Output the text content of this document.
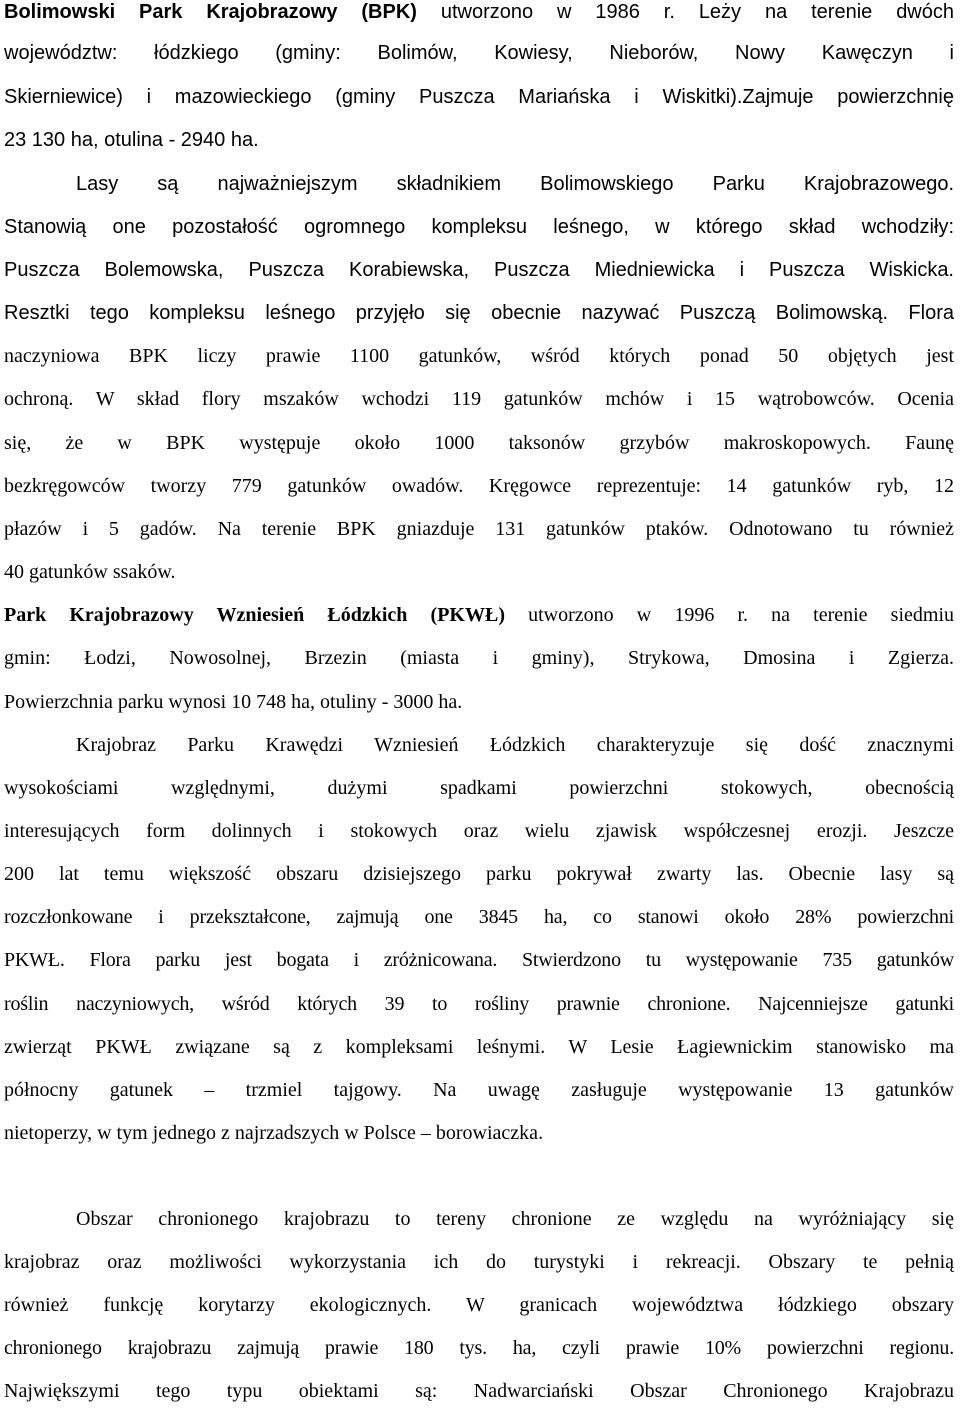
Bolimowski Park Krajobrazowy (BPK) utworzono w 1986 r. Leży na terenie dwóch
województw: łódzkiego (gminy: Bolimów, Kowiesy, Nieborów, Nowy Kawęczyn i
Skierniewice) i mazowieckiego (gminy Puszcza Mariańska i Wiskitki).Zajmuje powierzchnię
23 130 ha, otulina - 2940 ha.
Lasy są najważniejszym składnikiem Bolimowskiego Parku Krajobrazowego.
Stanowią one pozostałość ogromnego kompleksu leśnego, w którego skład wchodziły:
Puszcza Bolemowska, Puszcza Korabiewska, Puszcza Miedniewicka i Puszcza Wiskicka.
Resztki tego kompleksu leśnego przyjęło się obecnie nazywać Puszczą Bolimowską. Flora
naczyniowa BPK liczy prawie 1100 gatunków, wśród których ponad 50 objętych jest
ochroną. W skład flory mszaków wchodzi 119 gatunków mchów i 15 wątrobowców. Ocenia
się, że w BPK występuje około 1000 taksonów grzybów makroskopowych. Faunę
bezkręgowców tworzy 779 gatunków owadów. Kręgowce reprezentuje: 14 gatunków ryb, 12
płazów i 5 gadów. Na terenie BPK gniazduje 131 gatunków ptaków. Odnotowano tu również
40 gatunków ssaków.
Park Krajobrazowy Wzniesień Łódzkich (PKWŁ) utworzono w 1996 r. na terenie siedmiu
gmin: Łodzi, Nowosolnej, Brzezin (miasta i gminy), Strykowa, Dmosina i Zgierza.
Powierzchnia parku wynosi 10 748 ha, otuliny - 3000 ha.
Krajobraz Parku Krawędzi Wzniesień Łódzkich charakteryzuje się dość znacznymi
wysokościami względnymi, dużymi spadkami powierzchni stokowych, obecnością
interesujących form dolinnych i stokowych oraz wielu zjawisk współczesnej erozji. Jeszcze
200 lat temu większość obszaru dzisiejszego parku pokrywał zwarty las. Obecnie lasy są
rozczłonkowane i przekształcone, zajmują one 3845 ha, co stanowi około 28% powierzchni
PKWŁ. Flora parku jest bogata i zróżnicowana. Stwierdzono tu występowanie 735 gatunków
roślin naczyniowych, wśród których 39 to rośliny prawnie chronione. Najcenniejsze gatunki
zwierząt PKWŁ związane są z kompleksami leśnymi. W Lesie Łagiewnickim stanowisko ma
północny gatunek – trzmiel tajgowy. Na uwagę zasługuje występowanie 13 gatunków
nietoperzy, w tym jednego z najrzadszych w Polsce – borowiaczka.
Obszar chronionego krajobrazu to tereny chronione ze względu na wyróżniający się
krajobraz oraz możliwości wykorzystania ich do turystyki i rekreacji. Obszary te pełnią
również funkcję korytarzy ekologicznych. W granicach województwa łódzkiego obszary
chronionego krajobrazu zajmują prawie 180 tys. ha, czyli prawie 10% powierzchni regionu.
Największymi tego typu obiektami są: Nadwarciański Obszar Chronionego Krajobrazu
